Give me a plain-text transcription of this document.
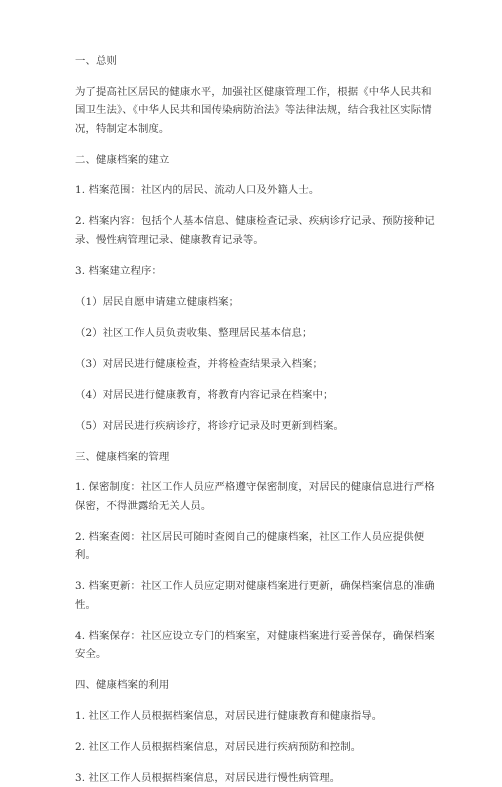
一、总则

为了提高社区居民的健康水平，加强社区健康管理工作，根据《中华人民共和国卫生法》、《中华人民共和国传染病防治法》等法律法规，结合我社区实际情况，特制定本制度。

二、健康档案的建立

1. 档案范围：社区内的居民、流动人口及外籍人士。

2. 档案内容：包括个人基本信息、健康检查记录、疾病诊疗记录、预防接种记录、慢性病管理记录、健康教育记录等。

3. 档案建立程序：

（1）居民自愿申请建立健康档案；

（2）社区工作人员负责收集、整理居民基本信息；

（3）对居民进行健康检查，并将检查结果录入档案；

（4）对居民进行健康教育，将教育内容记录在档案中；

（5）对居民进行疾病诊疗，将诊疗记录及时更新到档案。

三、健康档案的管理

1. 保密制度：社区工作人员应严格遵守保密制度，对居民的健康信息进行严格保密，不得泄露给无关人员。

2. 档案查阅：社区居民可随时查阅自己的健康档案，社区工作人员应提供便利。

3. 档案更新：社区工作人员应定期对健康档案进行更新，确保档案信息的准确性。

4. 档案保存：社区应设立专门的档案室，对健康档案进行妥善保存，确保档案安全。

四、健康档案的利用

1. 社区工作人员根据档案信息，对居民进行健康教育和健康指导。

2. 社区工作人员根据档案信息，对居民进行疾病预防和控制。

3. 社区工作人员根据档案信息，对居民进行慢性病管理。
